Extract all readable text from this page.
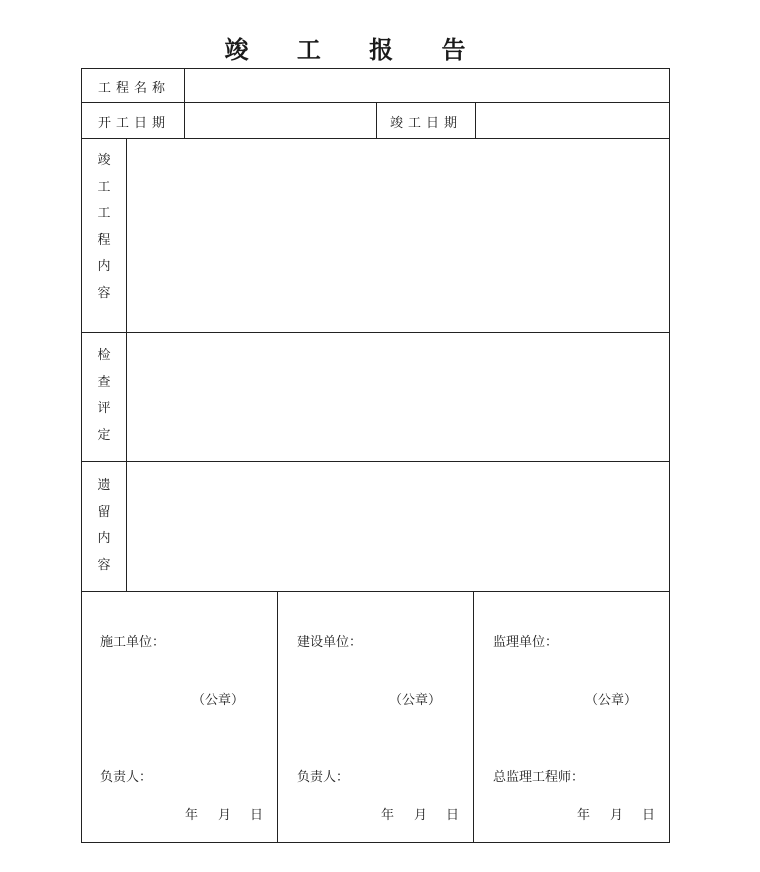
竣 工 报 告
工程名称
开工日期	竣工日期
竣工工程内容
检查评定
遗留内容
施工单位：
（公章）
负责人：
年 月 日
建设单位：
（公章）
负责人：
年 月 日
监理单位：
（公章）
总监理工程师：
年 月 日
